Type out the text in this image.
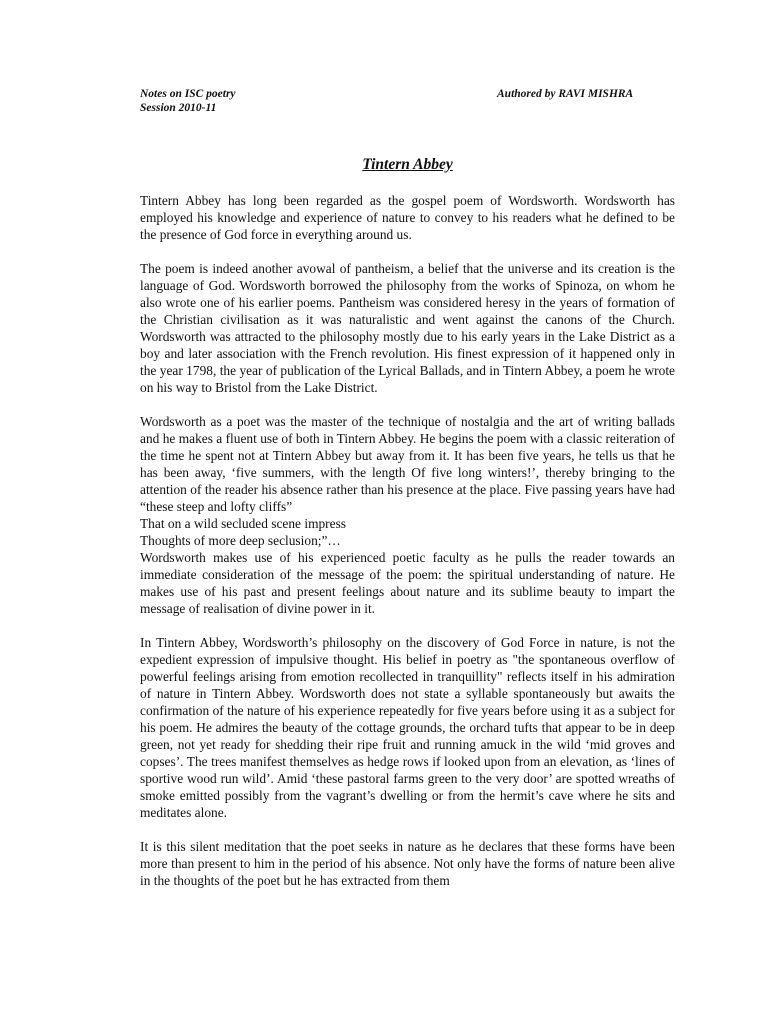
Notes on ISC poetry
Session 2010-11
Authored by RAVI MISHRA
Tintern Abbey

Tintern Abbey has long been regarded as the gospel poem of Wordsworth. Wordsworth has employed his knowledge and experience of nature to convey to his readers what he defined to be the presence of God force in everything around us.

The poem is indeed another avowal of pantheism, a belief that the universe and its creation is the language of God. Wordsworth borrowed the philosophy from the works of Spinoza, on whom he also wrote one of his earlier poems. Pantheism was considered heresy in the years of formation of the Christian civilisation as it was naturalistic and went against the canons of the Church. Wordsworth was attracted to the philosophy mostly due to his early years in the Lake District as a boy and later association with the French revolution. His finest expression of it happened only in the year 1798, the year of publication of the Lyrical Ballads, and in Tintern Abbey, a poem he wrote on his way to Bristol from the Lake District.

Wordsworth as a poet was the master of the technique of nostalgia and the art of writing ballads and he makes a fluent use of both in Tintern Abbey. He begins the poem with a classic reiteration of the time he spent not at Tintern Abbey but away from it. It has been five years, he tells us that he has been away, ‘five summers, with the length Of five long winters!’, thereby bringing to the attention of the reader his absence rather than his presence at the place. Five passing years have had “these steep and lofty cliffs”

That on a wild secluded scene impress
Thoughts of more deep seclusion;”…

Wordsworth makes use of his experienced poetic faculty as he pulls the reader towards an immediate consideration of the message of the poem: the spiritual understanding of nature. He makes use of his past and present feelings about nature and its sublime beauty to impart the message of realisation of divine power in it.

In Tintern Abbey, Wordsworth’s philosophy on the discovery of God Force in nature, is not the expedient expression of impulsive thought. His belief in poetry as "the spontaneous overflow of powerful feelings arising from emotion recollected in tranquillity" reflects itself in his admiration of nature in Tintern Abbey. Wordsworth does not state a syllable spontaneously but awaits the confirmation of the nature of his experience repeatedly for five years before using it as a subject for his poem. He admires the beauty of the cottage grounds, the orchard tufts that appear to be in deep green, not yet ready for shedding their ripe fruit and running amuck in the wild ‘mid groves and copses’. The trees manifest themselves as hedge rows if looked upon from an elevation, as ‘lines of sportive wood run wild’. Amid ‘these pastoral farms green to the very door’ are spotted wreaths of smoke emitted possibly from the vagrant’s dwelling or from the hermit’s cave where he sits and meditates alone.

It is this silent meditation that the poet seeks in nature as he declares that these forms have been more than present to him in the period of his absence. Not only have the forms of nature been alive in the thoughts of the poet but he has extracted from them
